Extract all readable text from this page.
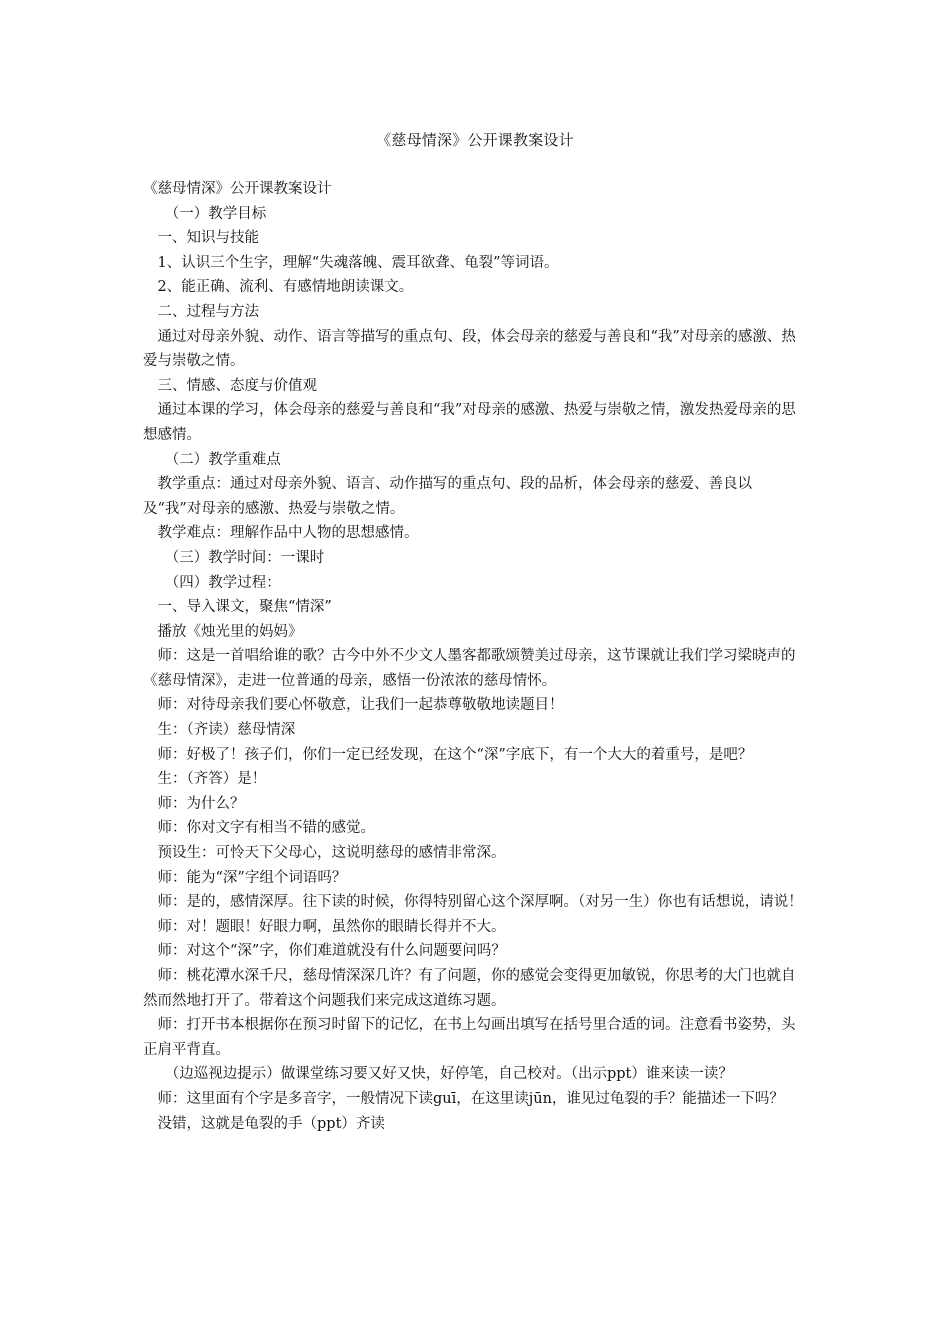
《慈母情深》公开课教案设计

《慈母情深》公开课教案设计

（一）教学目标

一、知识与技能

1、认识三个生字，理解“失魂落魄、震耳欲聋、龟裂”等词语。

2、能正确、流利、有感情地朗读课文。

二、过程与方法

通过对母亲外貌、动作、语言等描写的重点句、段，体会母亲的慈爱与善良和“我”对母亲的感激、热爱与崇敬之情。

三、情感、态度与价值观

通过本课的学习，体会母亲的慈爱与善良和“我”对母亲的感激、热爱与崇敬之情，激发热爱母亲的思想感情。

（二）教学重难点

教学重点：通过对母亲外貌、语言、动作描写的重点句、段的品析，体会母亲的慈爱、善良以及“我”对母亲的感激、热爱与崇敬之情。

教学难点：理解作品中人物的思想感情。

（三）教学时间：一课时

（四）教学过程：

一、导入课文，聚焦“情深”

播放《烛光里的妈妈》

师：这是一首唱给谁的歌？古今中外不少文人墨客都歌颂赞美过母亲，这节课就让我们学习梁晓声的《慈母情深》，走进一位普通的母亲，感悟一份浓浓的慈母情怀。

师：对待母亲我们要心怀敬意，让我们一起恭尊敬敬地读题目！

生：（齐读）慈母情深

师：好极了！孩子们，你们一定已经发现，在这个“深”字底下，有一个大大的着重号，是吧？

生：（齐答）是！

师：为什么？

师：你对文字有相当不错的感觉。

预设生：可怜天下父母心，这说明慈母的感情非常深。

师：能为“深”字组个词语吗？

师：是的，感情深厚。往下读的时候，你得特别留心这个深厚啊。（对另一生）你也有话想说，请说！

师：对！题眼！好眼力啊，虽然你的眼睛长得并不大。

师：对这个“深”字，你们难道就没有什么问题要问吗？

师：桃花潭水深千尺，慈母情深深几许？有了问题，你的感觉会变得更加敏锐，你思考的大门也就自然而然地打开了。带着这个问题我们来完成这道练习题。

师：打开书本根据你在预习时留下的记忆，在书上勾画出填写在括号里合适的词。注意看书姿势，头正肩平背直。

（边巡视边提示）做课堂练习要又好又快，好停笔，自己校对。（出示ppt）谁来读一读？

师：这里面有个字是多音字，一般情况下读guī，在这里读jūn，谁见过龟裂的手？能描述一下吗？

没错，这就是龟裂的手（ppt）齐读
